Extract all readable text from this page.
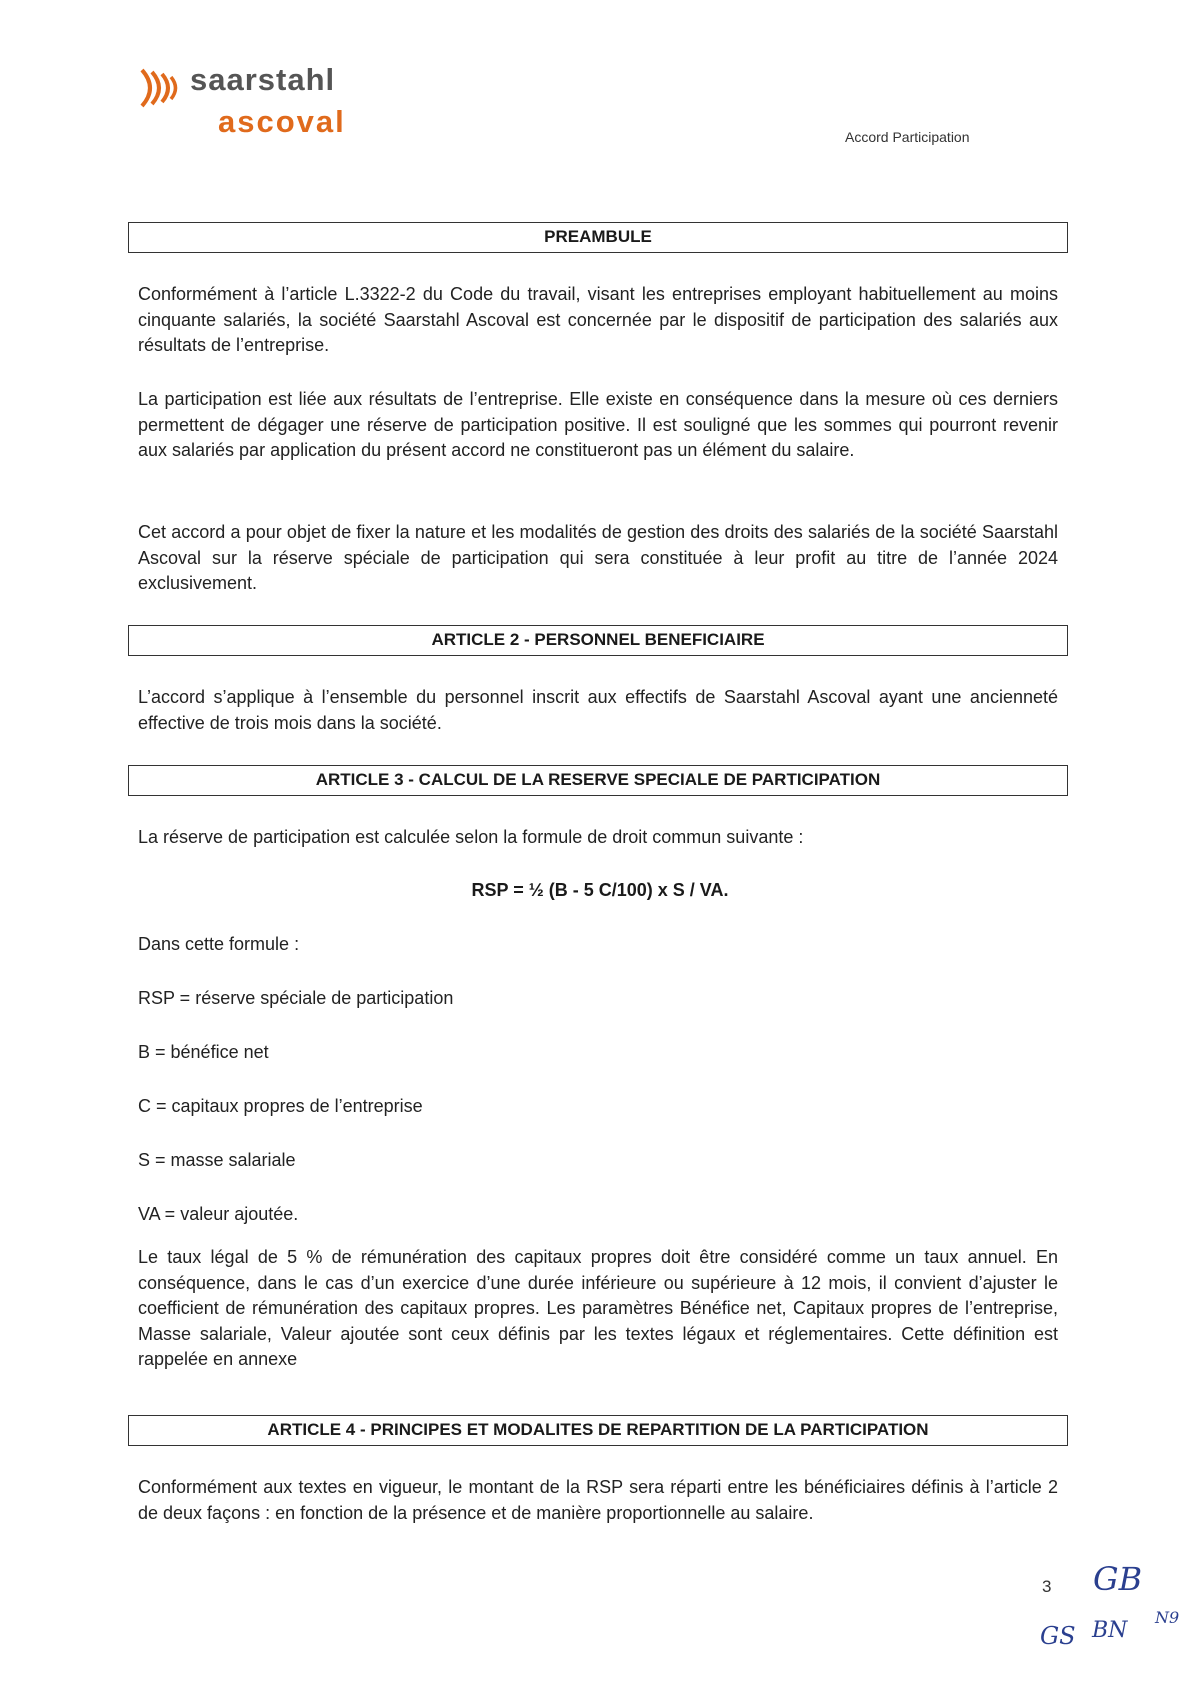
saarstahl
ascoval	Accord Participation
PREAMBULE

Conformément à l’article L.3322-2 du Code du travail, visant les entreprises employant habituellement au moins cinquante salariés, la société Saarstahl Ascoval est concernée par le dispositif de participation des salariés aux résultats de l’entreprise.

La participation est liée aux résultats de l’entreprise. Elle existe en conséquence dans la mesure où ces derniers permettent de dégager une réserve de participation positive. Il est souligné que les sommes qui pourront revenir aux salariés par application du présent accord ne constitueront pas un élément du salaire.

Cet accord a pour objet de fixer la nature et les modalités de gestion des droits des salariés de la société Saarstahl Ascoval sur la réserve spéciale de participation qui sera constituée à leur profit au titre de l’année 2024 exclusivement.

ARTICLE 2 - PERSONNEL BENEFICIAIRE

L’accord s’applique à l’ensemble du personnel inscrit aux effectifs de Saarstahl Ascoval ayant une ancienneté effective de trois mois dans la société.

ARTICLE 3 - CALCUL DE LA RESERVE SPECIALE DE PARTICIPATION

La réserve de participation est calculée selon la formule de droit commun suivante :

RSP = ½ (B - 5 C/100) x S / VA.
Dans cette formule :
RSP = réserve spéciale de participation
B = bénéfice net
C = capitaux propres de l’entreprise
S = masse salariale
VA = valeur ajoutée.

Le taux légal de 5 % de rémunération des capitaux propres doit être considéré comme un taux annuel. En conséquence, dans le cas d’un exercice d’une durée inférieure ou supérieure à 12 mois, il convient d’ajuster le coefficient de rémunération des capitaux propres. Les paramètres Bénéfice net, Capitaux propres de l’entreprise, Masse salariale, Valeur ajoutée sont ceux définis par les textes légaux et réglementaires. Cette définition est rappelée en annexe

ARTICLE 4 - PRINCIPES ET MODALITES DE REPARTITION DE LA PARTICIPATION

Conformément aux textes en vigueur, le montant de la RSP sera réparti entre les bénéficiaires définis à l’article 2 de deux façons : en fonction de la présence et de manière proportionnelle au salaire.

3 GB
GS BN
N9
